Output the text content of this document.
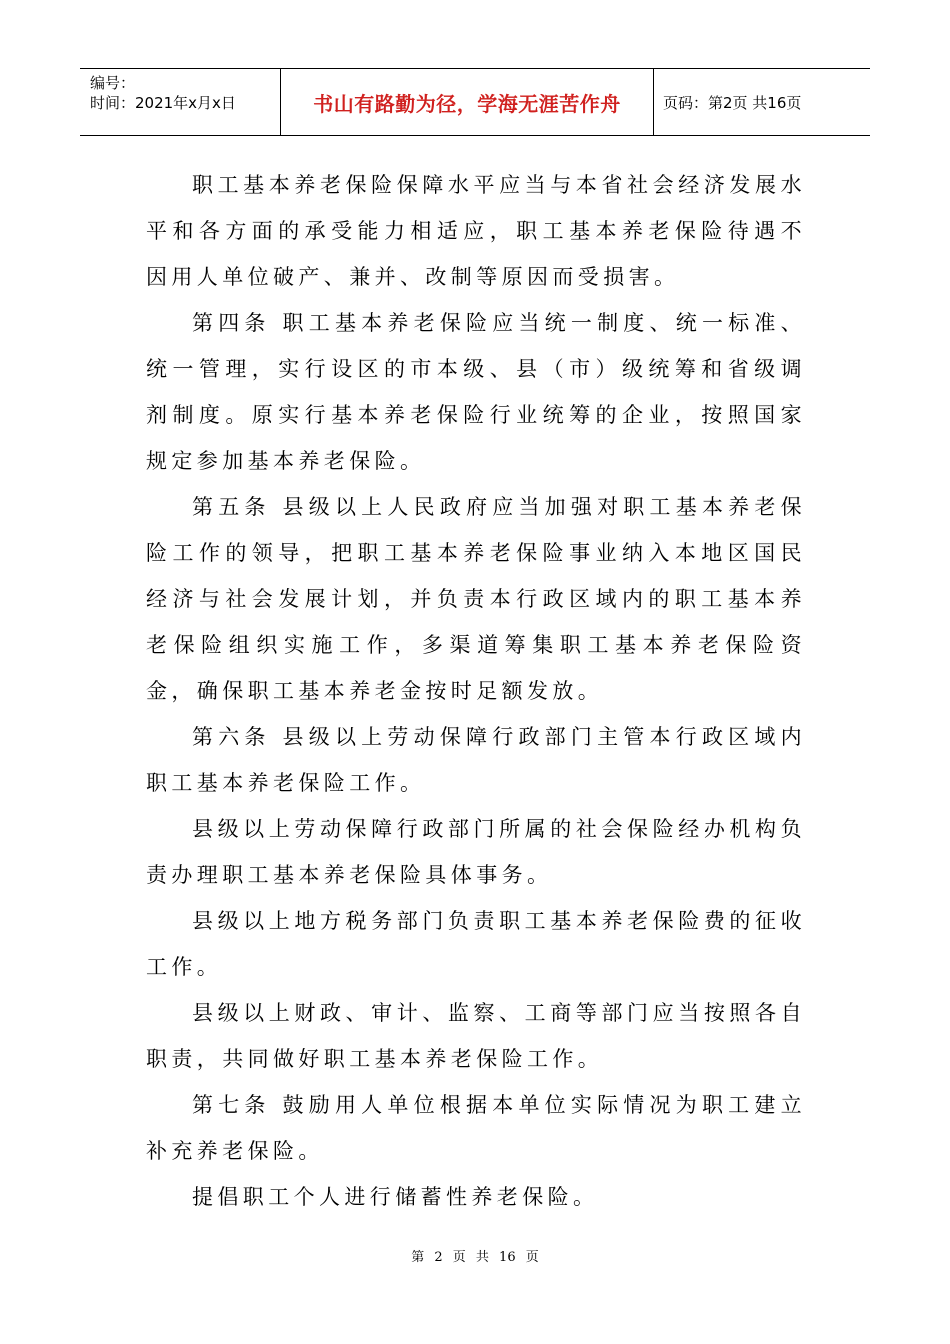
编号：
时间：2021年x月x日	书山有路勤为径，学海无涯苦作舟	页码：第2页 共16页

职工基本养老保险保障水平应当与本省社会经济发展水平和各方面的承受能力相适应，职工基本养老保险待遇不因用人单位破产、兼并、改制等原因而受损害。

第四条 职工基本养老保险应当统一制度、统一标准、统一管理，实行设区的市本级、县（市）级统筹和省级调剂制度。原实行基本养老保险行业统筹的企业，按照国家规定参加基本养老保险。

第五条 县级以上人民政府应当加强对职工基本养老保险工作的领导，把职工基本养老保险事业纳入本地区国民经济与社会发展计划，并负责本行政区域内的职工基本养老保险组织实施工作，多渠道筹集职工基本养老保险资金，确保职工基本养老金按时足额发放。

第六条 县级以上劳动保障行政部门主管本行政区域内职工基本养老保险工作。

县级以上劳动保障行政部门所属的社会保险经办机构负责办理职工基本养老保险具体事务。

县级以上地方税务部门负责职工基本养老保险费的征收工作。

县级以上财政、审计、监察、工商等部门应当按照各自职责，共同做好职工基本养老保险工作。

第七条 鼓励用人单位根据本单位实际情况为职工建立补充养老保险。

提倡职工个人进行储蓄性养老保险。

第 2 页 共 16 页
